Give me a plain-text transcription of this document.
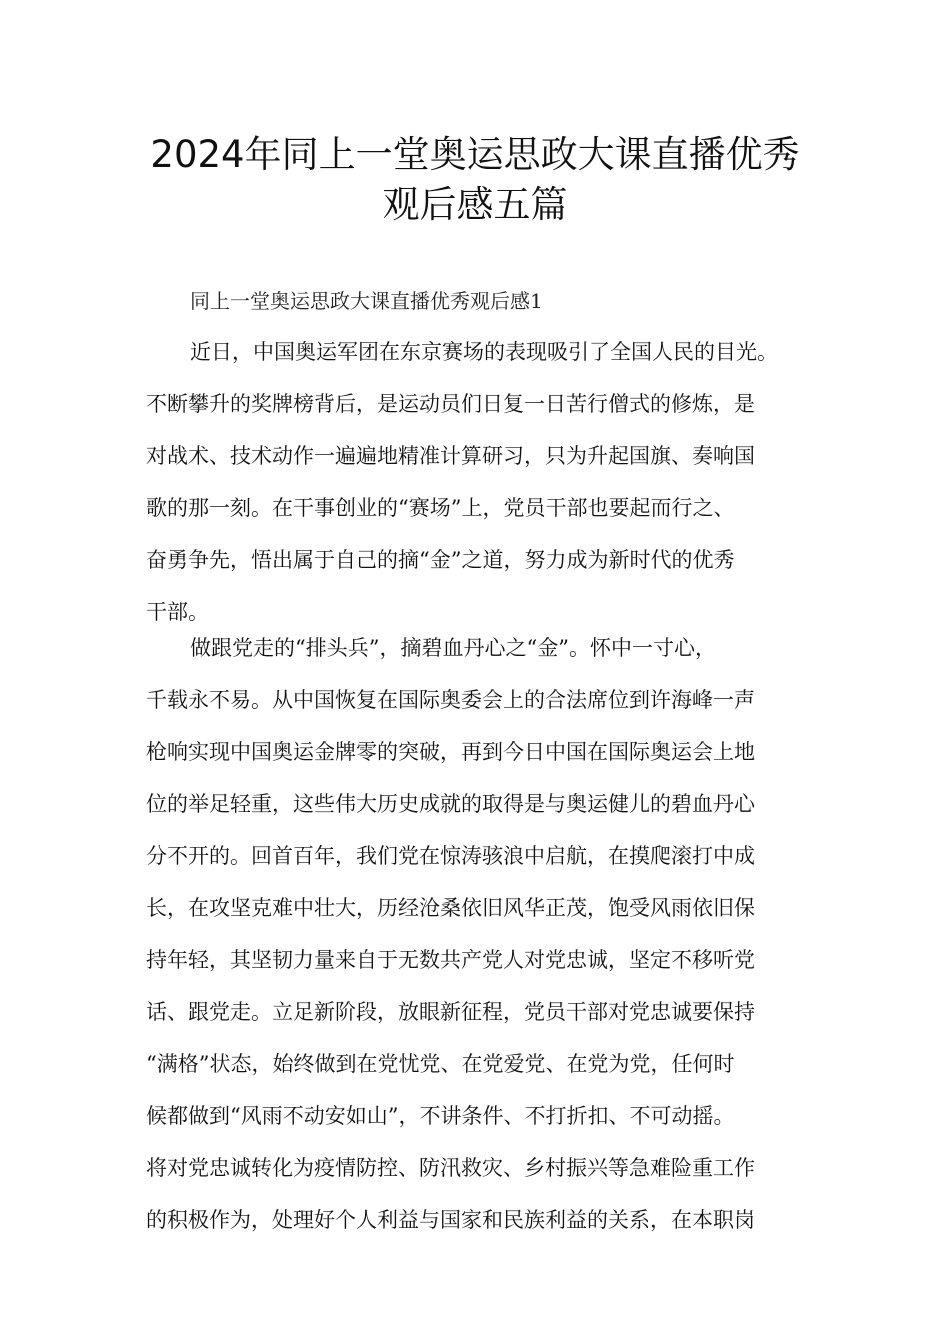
2024年同上一堂奥运思政大课直播优秀
观后感五篇
同上一堂奥运思政大课直播优秀观后感1
近日，中国奥运军团在东京赛场的表现吸引了全国人民的目光。
不断攀升的奖牌榜背后，是运动员们日复一日苦行僧式的修炼，是
对战术、技术动作一遍遍地精准计算研习，只为升起国旗、奏响国
歌的那一刻。在干事创业的“赛场”上，党员干部也要起而行之、
奋勇争先，悟出属于自己的摘“金”之道，努力成为新时代的优秀
干部。
做跟党走的“排头兵”，摘碧血丹心之“金”。怀中一寸心，
千载永不易。从中国恢复在国际奥委会上的合法席位到许海峰一声
枪响实现中国奥运金牌零的突破，再到今日中国在国际奥运会上地
位的举足轻重，这些伟大历史成就的取得是与奥运健儿的碧血丹心
分不开的。回首百年，我们党在惊涛骇浪中启航，在摸爬滚打中成
长，在攻坚克难中壮大，历经沧桑依旧风华正茂，饱受风雨依旧保
持年轻，其坚韧力量来自于无数共产党人对党忠诚，坚定不移听党
话、跟党走。立足新阶段，放眼新征程，党员干部对党忠诚要保持
“满格”状态，始终做到在党忧党、在党爱党、在党为党，任何时
候都做到“风雨不动安如山”，不讲条件、不打折扣、不可动摇。
将对党忠诚转化为疫情防控、防汛救灾、乡村振兴等急难险重工作
的积极作为，处理好个人利益与国家和民族利益的关系，在本职岗
